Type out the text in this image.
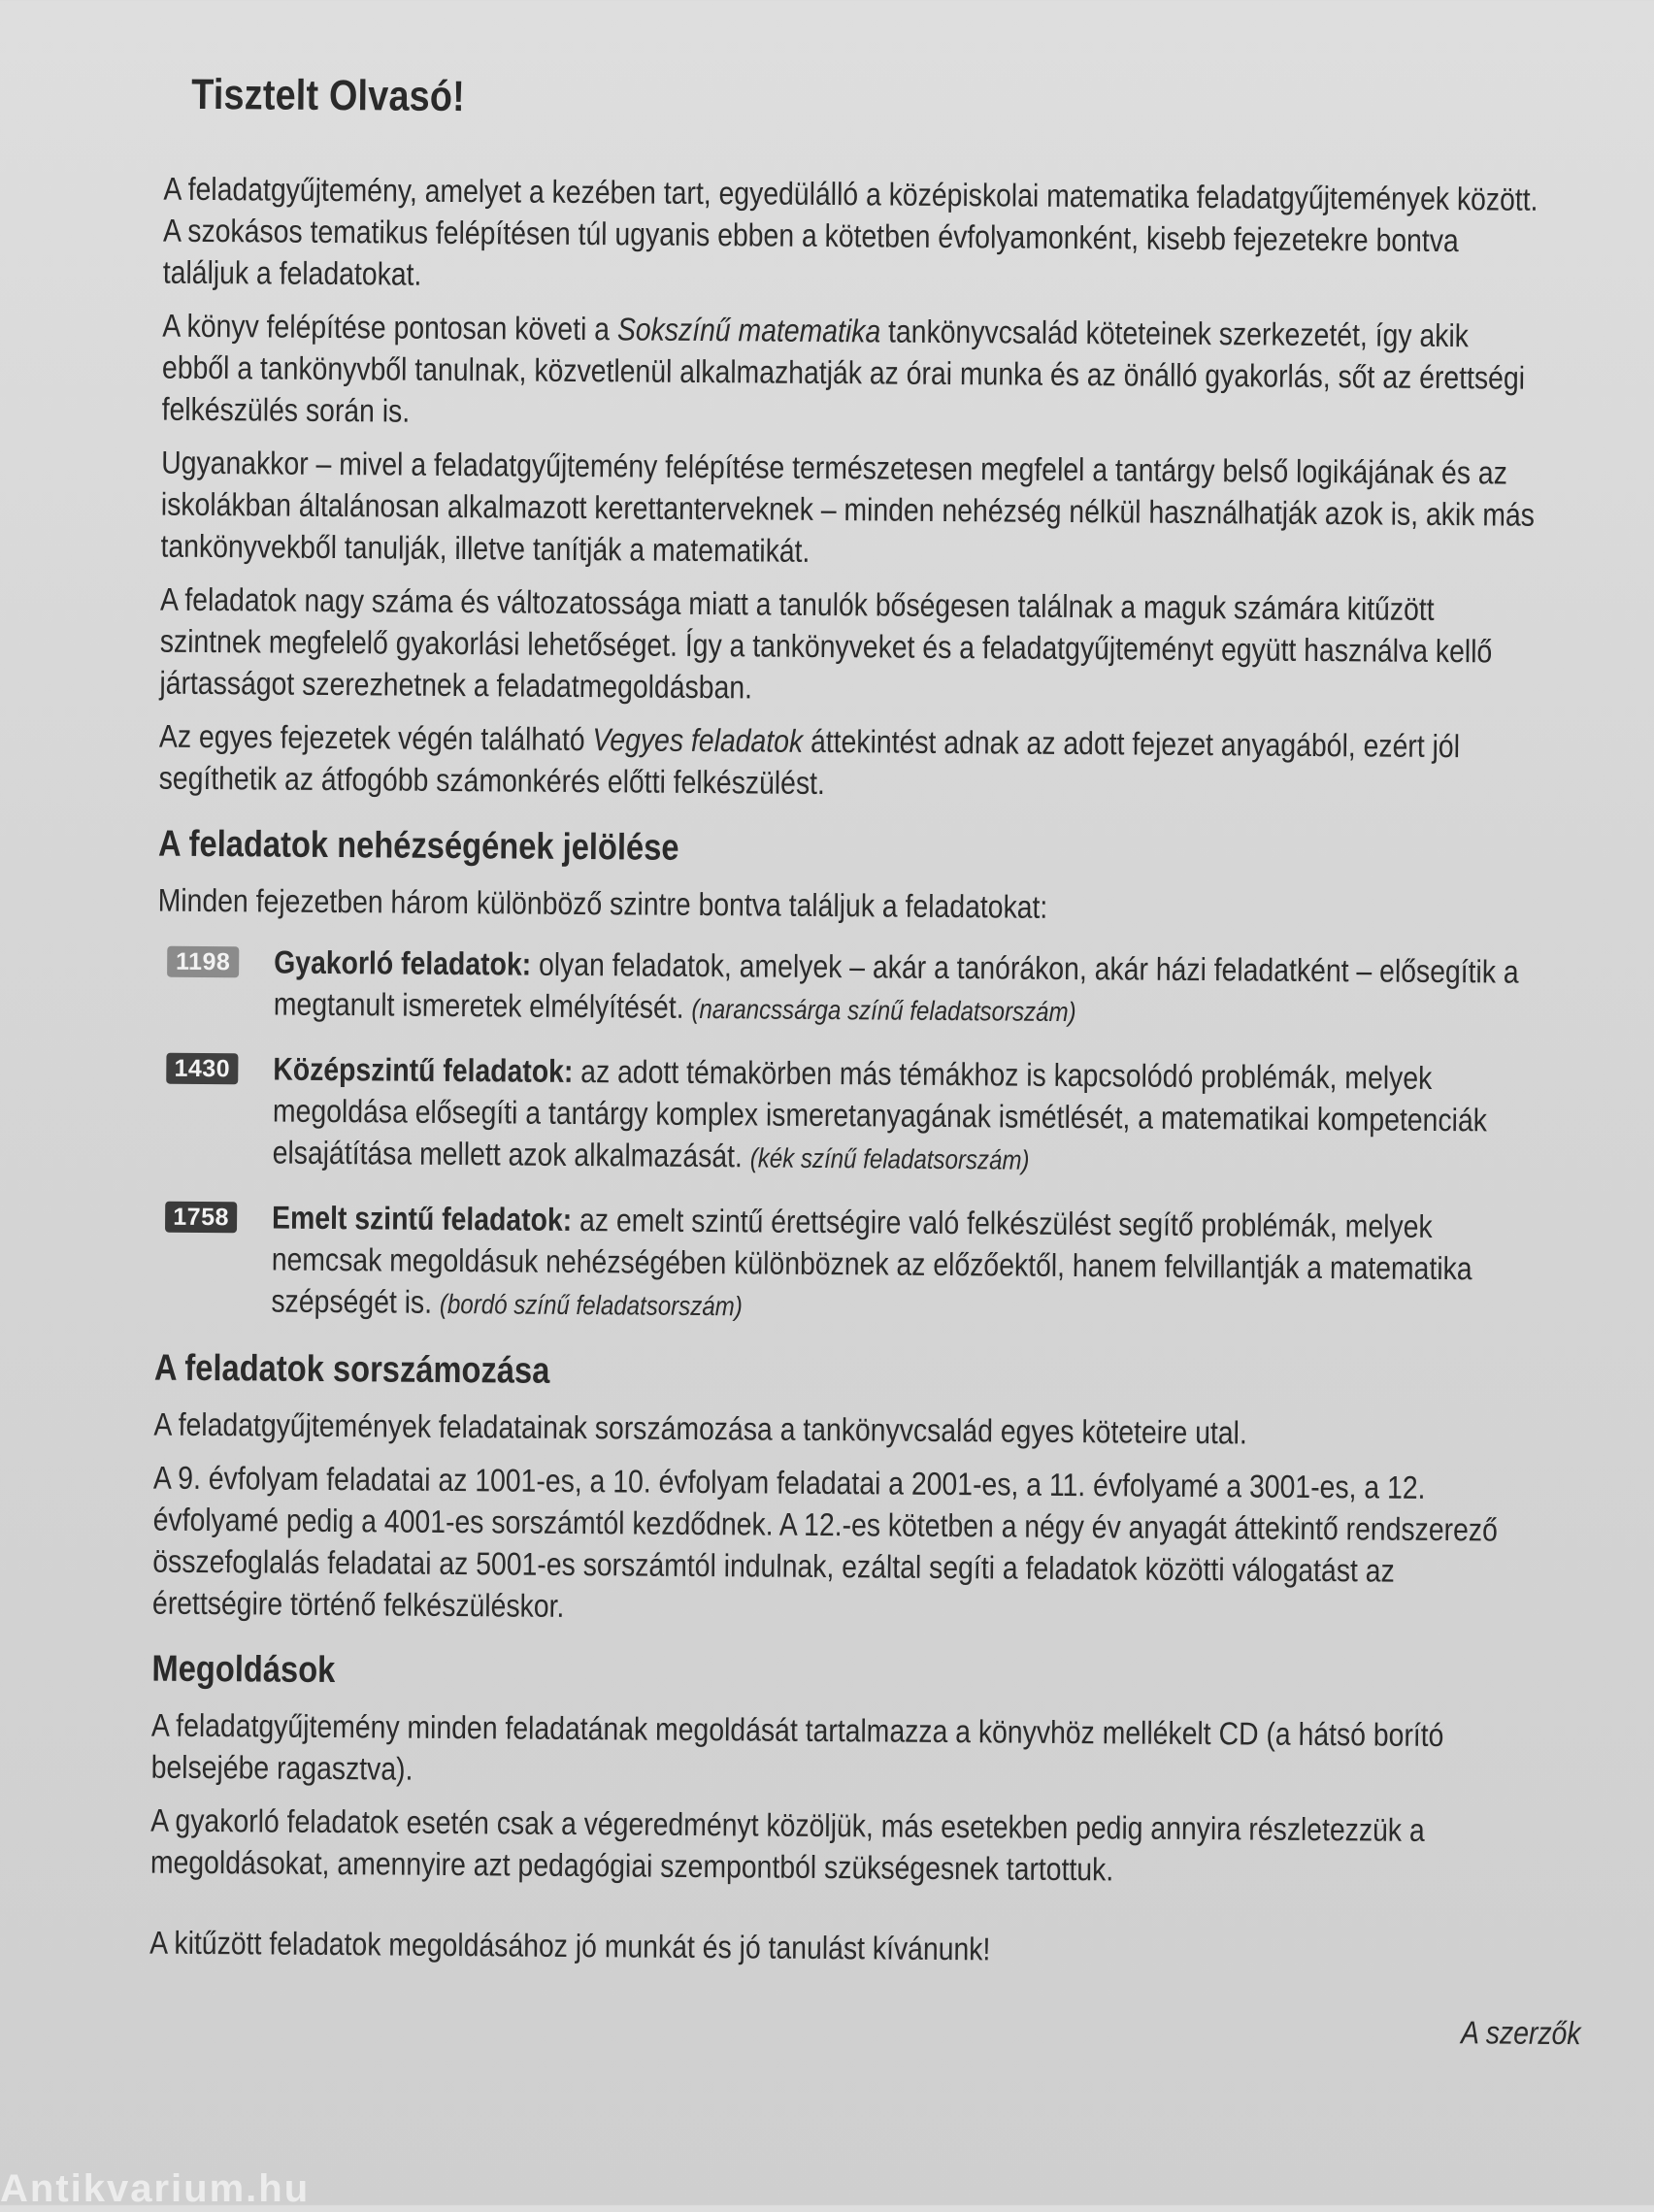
Tisztelt Olvasó!

A feladatgyűjtemény, amelyet a kezében tart, egyedülálló a középiskolai matematika feladatgyűjtemények között. A szokásos tematikus felépítésen túl ugyanis ebben a kötetben évfolyamonként, kisebb fejezetekre bontva találjuk a feladatokat.

A könyv felépítése pontosan követi a Sokszínű matematika tankönyvcsalád köteteinek szerkezetét, így akik ebből a tankönyvből tanulnak, közvetlenül alkalmazhatják az órai munka és az önálló gyakorlás, sőt az érettségi felkészülés során is.

Ugyanakkor – mivel a feladatgyűjtemény felépítése természetesen megfelel a tantárgy belső logikájának és az iskolákban általánosan alkalmazott kerettanterveknek – minden nehézség nélkül használhatják azok is, akik más tankönyvekből tanulják, illetve tanítják a matematikát.

A feladatok nagy száma és változatossága miatt a tanulók bőségesen találnak a maguk számára kitűzött szintnek megfelelő gyakorlási lehetőséget. Így a tankönyveket és a feladatgyűjteményt együtt használva kellő jártasságot szerezhetnek a feladatmegoldásban.

Az egyes fejezetek végén található Vegyes feladatok áttekintést adnak az adott fejezet anyagából, ezért jól segíthetik az átfogóbb számonkérés előtti felkészülést.

A feladatok nehézségének jelölése

Minden fejezetben három különböző szintre bontva találjuk a feladatokat:

1198 Gyakorló feladatok: olyan feladatok, amelyek – akár a tanórákon, akár házi feladatként – elősegítik a megtanult ismeretek elmélyítését. (narancssárga színű feladatsorszám)

1430 Középszintű feladatok: az adott témakörben más témákhoz is kapcsolódó problémák, melyek megoldása elősegíti a tantárgy komplex ismeretanyagának ismétlését, a matematikai kompetenciák elsajátítása mellett azok alkalmazását. (kék színű feladatsorszám)

1758 Emelt szintű feladatok: az emelt szintű érettségire való felkészülést segítő problémák, melyek nemcsak megoldásuk nehézségében különböznek az előzőektől, hanem felvillantják a matematika szépségét is. (bordó színű feladatsorszám)

A feladatok sorszámozása

A feladatgyűjtemények feladatainak sorszámozása a tankönyvcsalád egyes köteteire utal.

A 9. évfolyam feladatai az 1001-es, a 10. évfolyam feladatai a 2001-es, a 11. évfolyamé a 3001-es, a 12. évfolyamé pedig a 4001-es sorszámtól kezdődnek. A 12.-es kötetben a négy év anyagát áttekintő rendszerező összefoglalás feladatai az 5001-es sorszámtól indulnak, ezáltal segíti a feladatok közötti válogatást az érettségire történő felkészüléskor.

Megoldások

A feladatgyűjtemény minden feladatának megoldását tartalmazza a könyvhöz mellékelt CD (a hátsó borító belsejébe ragasztva).

A gyakorló feladatok esetén csak a végeredményt közöljük, más esetekben pedig annyira részletezzük a megoldásokat, amennyire azt pedagógiai szempontból szükségesnek tartottuk.

A kitűzött feladatok megoldásához jó munkát és jó tanulást kívánunk!

A szerzők
Antikvarium.hu
